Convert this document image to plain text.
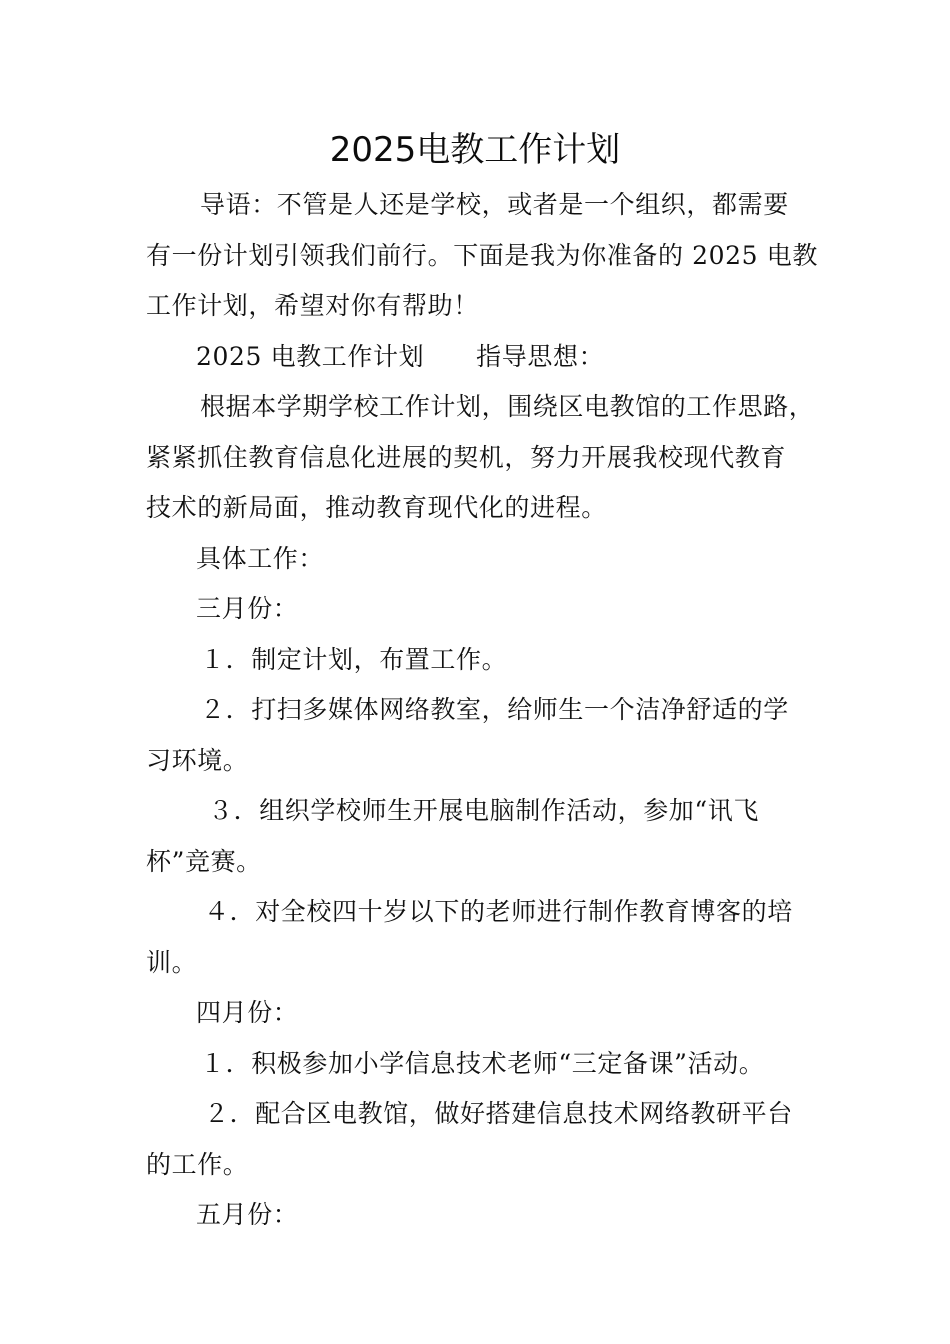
2025电教工作计划

导语：不管是人还是学校，或者是一个组织，都需要
有一份计划引领我们前行。下面是我为你准备的 2025 电教
工作计划，希望对你有帮助！

2025 电教工作计划 指导思想：

根据本学期学校工作计划，围绕区电教馆的工作思路，
紧紧抓住教育信息化进展的契机，努力开展我校现代教育
技术的新局面，推动教育现代化的进程。

具体工作：

三月份：

１．制定计划，布置工作。

２．打扫多媒体网络教室，给师生一个洁净舒适的学
习环境。

３．组织学校师生开展电脑制作活动，参加“讯飞
杯”竞赛。

４．对全校四十岁以下的老师进行制作教育博客的培
训。

四月份：

１．积极参加小学信息技术老师“三定备课”活动。

２．配合区电教馆，做好搭建信息技术网络教研平台
的工作。

五月份：
